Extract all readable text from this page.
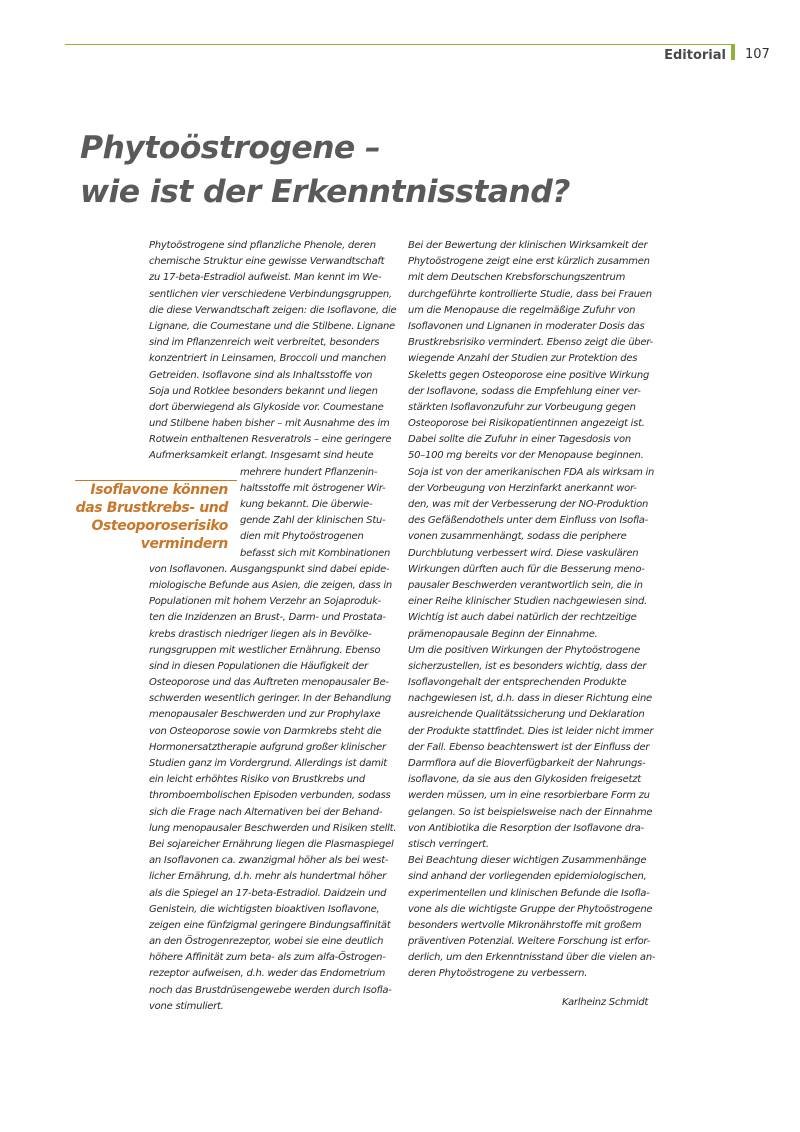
Editorial 107
Phytoöstrogene –
wie ist der Erkenntnisstand?
Phytoöstrogene sind pflanzliche Phenole, deren
chemische Struktur eine gewisse Verwandtschaft
zu 17-beta-Estradiol aufweist. Man kennt im We-
sentlichen vier verschiedene Verbindungsgruppen,
die diese Verwandtschaft zeigen: die Isoflavone, die
Lignane, die Coumestane und die Stilbene. Lignane
sind im Pflanzenreich weit verbreitet, besonders
konzentriert in Leinsamen, Broccoli und manchen
Getreiden. Isoflavone sind als Inhaltsstoffe von
Soja und Rotklee besonders bekannt und liegen
dort überwiegend als Glykoside vor. Coumestane
und Stilbene haben bisher – mit Ausnahme des im
Rotwein enthaltenen Resveratrols – eine geringere
Aufmerksamkeit erlangt. Insgesamt sind heute
mehrere hundert Pflanzenin-
haltsstoffe mit östrogener Wir-
kung bekannt. Die überwie-
gende Zahl der klinischen Stu-
dien mit Phytoöstrogenen
befasst sich mit Kombinationen
von Isoflavonen. Ausgangspunkt sind dabei epide-
miologische Befunde aus Asien, die zeigen, dass in
Populationen mit hohem Verzehr an Sojaproduk-
ten die Inzidenzen an Brust-, Darm- und Prostata-
krebs drastisch niedriger liegen als in Bevölke-
rungsgruppen mit westlicher Ernährung. Ebenso
sind in diesen Populationen die Häufigkeit der
Osteoporose und das Auftreten menopausaler Be-
schwerden wesentlich geringer. In der Behandlung
menopausaler Beschwerden und zur Prophylaxe
von Osteoporose sowie von Darmkrebs steht die
Hormonersatztherapie aufgrund großer klinischer
Studien ganz im Vordergrund. Allerdings ist damit
ein leicht erhöhtes Risiko von Brustkrebs und
thromboembolischen Episoden verbunden, sodass
sich die Frage nach Alternativen bei der Behand-
lung menopausaler Beschwerden und Risiken stellt.
Bei sojareicher Ernährung liegen die Plasmaspiegel
an Isoflavonen ca. zwanzigmal höher als bei west-
licher Ernährung, d.h. mehr als hundertmal höher
als die Spiegel an 17-beta-Estradiol. Daidzein und
Genistein, die wichtigsten bioaktiven Isoflavone,
zeigen eine fünfzigmal geringere Bindungsaffinität
an den Östrogenrezeptor, wobei sie eine deutlich
höhere Affinität zum beta- als zum alfa-Östrogen-
rezeptor aufweisen, d.h. weder das Endometrium
noch das Brustdrüsengewebe werden durch Isofla-
vone stimuliert.
Isoflavone können
das Brustkrebs- und
Osteoporoserisiko
vermindern
Bei der Bewertung der klinischen Wirksamkeit der
Phytoöstrogene zeigt eine erst kürzlich zusammen
mit dem Deutschen Krebsforschungszentrum
durchgeführte kontrollierte Studie, dass bei Frauen
um die Menopause die regelmäßige Zufuhr von
Isoflavonen und Lignanen in moderater Dosis das
Brustkrebsrisiko vermindert. Ebenso zeigt die über-
wiegende Anzahl der Studien zur Protektion des
Skeletts gegen Osteoporose eine positive Wirkung
der Isoflavone, sodass die Empfehlung einer ver-
stärkten Isoflavonzufuhr zur Vorbeugung gegen
Osteoporose bei Risikopatientinnen angezeigt ist.
Dabei sollte die Zufuhr in einer Tagesdosis von
50–100 mg bereits vor der Menopause beginnen.
Soja ist von der amerikanischen FDA als wirksam in
der Vorbeugung von Herzinfarkt anerkannt wor-
den, was mit der Verbesserung der NO-Produktion
des Gefäßendothels unter dem Einfluss von Isofla-
vonen zusammenhängt, sodass die periphere
Durchblutung verbessert wird. Diese vaskulären
Wirkungen dürften auch für die Besserung meno-
pausaler Beschwerden verantwortlich sein, die in
einer Reihe klinischer Studien nachgewiesen sind.
Wichtig ist auch dabei natürlich der rechtzeitige
prämenopausale Beginn der Einnahme.
Um die positiven Wirkungen der Phytoöstrogene
sicherzustellen, ist es besonders wichtig, dass der
Isoflavongehalt der entsprechenden Produkte
nachgewiesen ist, d.h. dass in dieser Richtung eine
ausreichende Qualitätssicherung und Deklaration
der Produkte stattfindet. Dies ist leider nicht immer
der Fall. Ebenso beachtenswert ist der Einfluss der
Darmflora auf die Bioverfügbarkeit der Nahrungs-
isoflavone, da sie aus den Glykosiden freigesetzt
werden müssen, um in eine resorbierbare Form zu
gelangen. So ist beispielsweise nach der Einnahme
von Antibiotika die Resorption der Isoflavone dra-
stisch verringert.
Bei Beachtung dieser wichtigen Zusammenhänge
sind anhand der vorliegenden epidemiologischen,
experimentellen und klinischen Befunde die Isofla-
vone als die wichtigste Gruppe der Phytoöstrogene
besonders wertvolle Mikronährstoffe mit großem
präventiven Potenzial. Weitere Forschung ist erfor-
derlich, um den Erkenntnisstand über die vielen an-
deren Phytoöstrogene zu verbessern.
Karlheinz Schmidt
